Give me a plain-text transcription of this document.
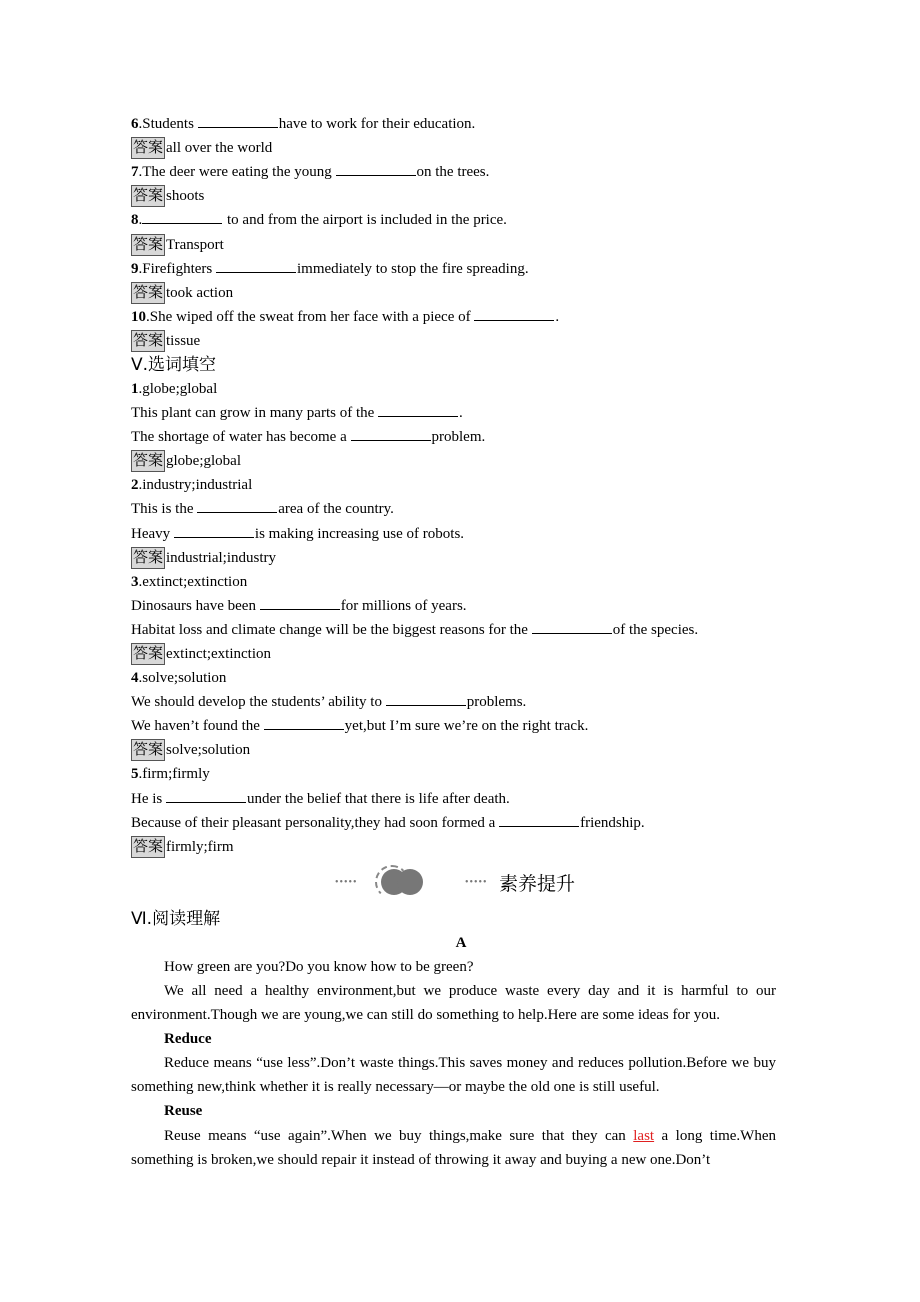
6.Students	have to work for their education.
答案 all over the world
7.The deer were eating the young	on the trees.
答案 shoots
8.	to and from the airport is included in the price.
答案 Transport
9.Firefighters	immediately to stop the fire spreading.
答案 took action
10.She wiped off the sweat from her face with a piece of	.
答案 tissue
Ⅴ.选词填空
1.globe;global
This plant can grow in many parts of the	.
The shortage of water has become a	problem.
答案 globe;global
2.industry;industrial
This is the	area of the country.
Heavy	is making increasing use of robots.
答案 industrial;industry
3.extinct;extinction
Dinosaurs have been	for millions of years.
Habitat loss and climate change will be the biggest reasons for the	of the species.
答案 extinct;extinction
4.solve;solution
We should develop the students’ ability to	problems.
We haven’t found the	yet,but I’m sure we’re on the right track.
答案 solve;solution
5.firm;firmly
He is	under the belief that there is life after death.
Because of their pleasant personality,they had soon formed a	friendship.
答案 firmly;firm
•••••	••••• 素养提升
Ⅵ.阅读理解
A
How green are you?Do you know how to be green?
We all need a healthy environment,but we produce waste every day and it is harmful to our environment.Though we are young,we can still do something to help.Here are some ideas for you.
Reduce
Reduce means “use less”.Don’t waste things.This saves money and reduces pollution.Before we buy something new,think whether it is really necessary—or maybe the old one is still useful.
Reuse
Reuse means “use again”.When we buy things,make sure that they can last a long time.When something is broken,we should repair it instead of throwing it away and buying a new one.Don’t
